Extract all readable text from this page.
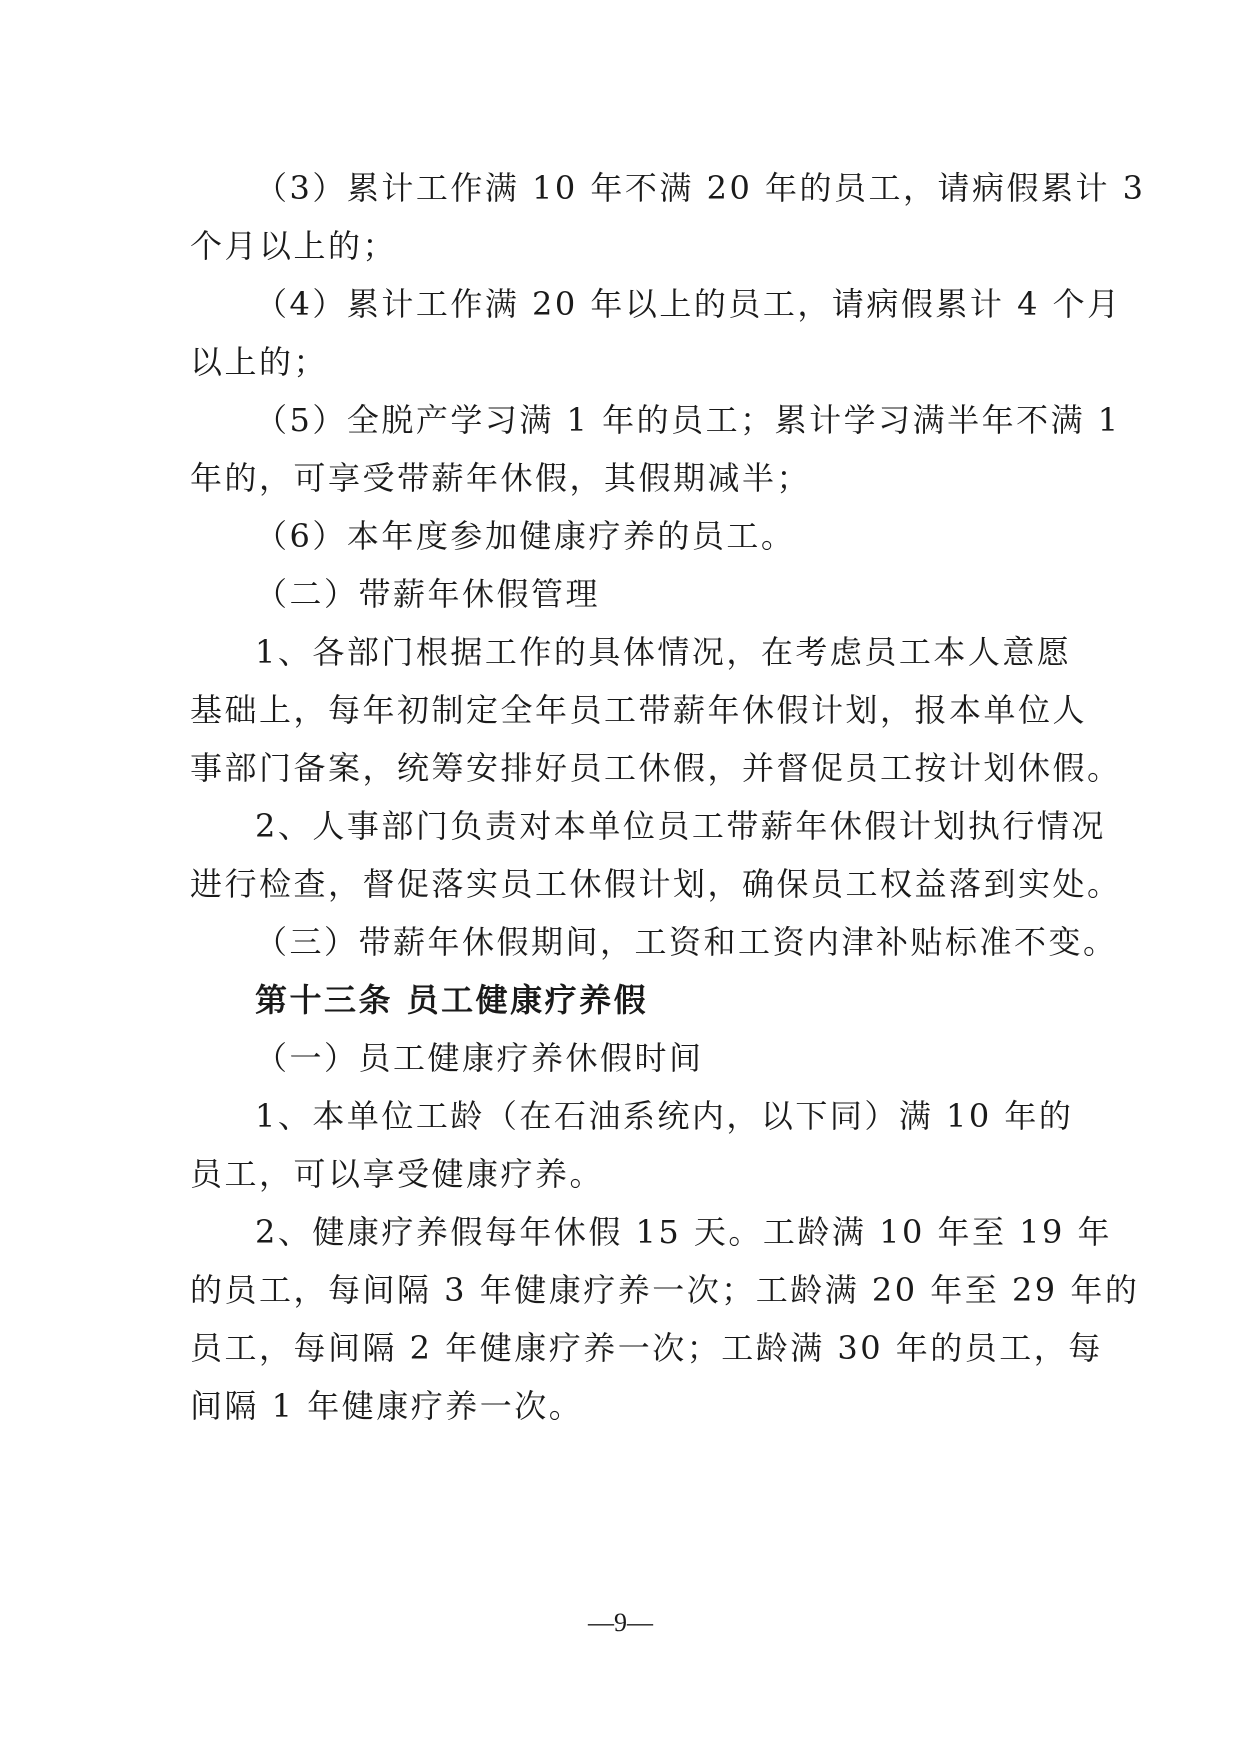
（3）累计工作满 10 年不满 20 年的员工，请病假累计 3
个月以上的；
（4）累计工作满 20 年以上的员工，请病假累计 4 个月
以上的；
（5）全脱产学习满 1 年的员工；累计学习满半年不满 1
年的，可享受带薪年休假，其假期减半；
（6）本年度参加健康疗养的员工。
（二）带薪年休假管理
1、各部门根据工作的具体情况，在考虑员工本人意愿
基础上，每年初制定全年员工带薪年休假计划，报本单位人
事部门备案，统筹安排好员工休假，并督促员工按计划休假。
2、人事部门负责对本单位员工带薪年休假计划执行情况
进行检查，督促落实员工休假计划，确保员工权益落到实处。
（三）带薪年休假期间，工资和工资内津补贴标准不变。
第十三条 员工健康疗养假
（一）员工健康疗养休假时间
1、本单位工龄（在石油系统内，以下同）满 10 年的
员工，可以享受健康疗养。
2、健康疗养假每年休假 15 天。工龄满 10 年至 19 年
的员工，每间隔 3 年健康疗养一次；工龄满 20 年至 29 年的
员工，每间隔 2 年健康疗养一次；工龄满 30 年的员工，每
间隔 1 年健康疗养一次。
—9—
